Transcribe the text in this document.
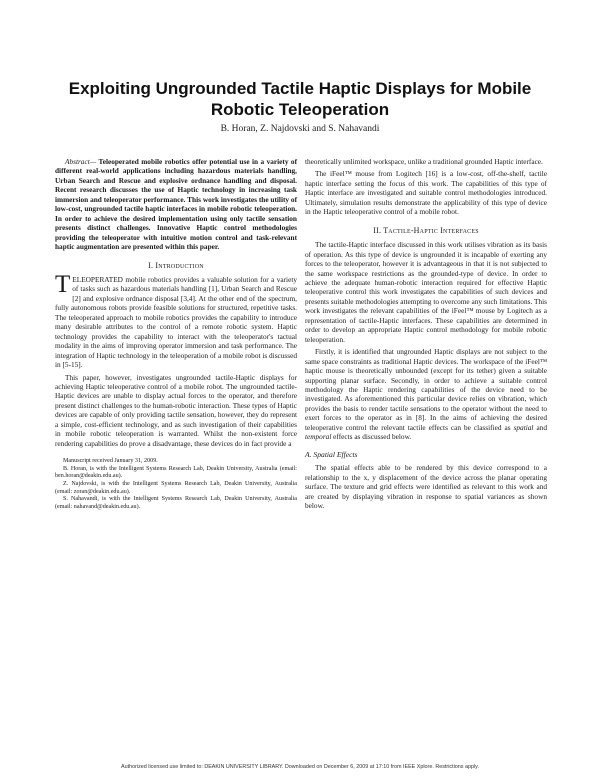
Exploiting Ungrounded Tactile Haptic Displays for Mobile Robotic Teleoperation
B. Horan, Z. Najdovski and S. Nahavandi

Abstract— Teleoperated mobile robotics offer potential use in a variety of different real-world applications including hazardous materials handling, Urban Search and Rescue and explosive ordnance handling and disposal. Recent research discusses the use of Haptic technology in increasing task immersion and teleoperator performance. This work investigates the utility of low-cost, ungrounded tactile haptic interfaces in mobile robotic teleoperation. In order to achieve the desired implementation using only tactile sensation presents distinct challenges. Innovative Haptic control methodologies providing the teleoperator with intuitive motion control and task-relevant haptic augmentation are presented within this paper.

I. Introduction

TELEOPERATED mobile robotics provides a valuable solution for a variety of tasks such as hazardous materials handling [1], Urban Search and Rescue [2] and explosive ordnance disposal [3,4]. At the other end of the spectrum, fully autonomous robots provide feasible solutions for structured, repetitive tasks. The teleoperated approach to mobile robotics provides the capability to introduce many desirable attributes to the control of a remote robotic system. Haptic technology provides the capability to interact with the teleoperator's tactual modality in the aims of improving operator immersion and task performance. The integration of Haptic technology in the teleoperation of a mobile robot is discussed in [5-15].

This paper, however, investigates ungrounded tactile-Haptic displays for achieving Haptic teleoperative control of a mobile robot. The ungrounded tactile-Haptic devices are unable to display actual forces to the operator, and therefore present distinct challenges to the human-robotic interaction. These types of Haptic devices are capable of only providing tactile sensation, however, they do represent a simple, cost-efficient technology, and as such investigation of their capabilities in mobile robotic teleoperation is warranted. Whilst the non-existent force rendering capabilities do prove a disadvantage, these devices do in fact provide a

Manuscript received January 31, 2009.

B. Horan, is with the Intelligent Systems Research Lab, Deakin University, Australia (email: ben.horan@deakin.edu.au).

Z. Najdovski, is with the Intelligent Systems Research Lab, Deakin University, Australia (email: zoran@deakin.edu.au).

S. Nahavandi, is with the Intelligent Systems Research Lab, Deakin University, Australia (email: nahavand@deakin.edu.au).

theoretically unlimited workspace, unlike a traditional grounded Haptic interface.

The iFeel™ mouse from Logitech [16] is a low-cost, off-the-shelf, tactile haptic interface setting the focus of this work. The capabilities of this type of Haptic interface are investigated and suitable control methodologies introduced. Ultimately, simulation results demonstrate the applicability of this type of device in the Haptic teleoperative control of a mobile robot.

II. Tactile-Haptic Interfaces

The tactile-Haptic interface discussed in this work utilises vibration as its basis of operation. As this type of device is ungrounded it is incapable of exerting any forces to the teleoperator, however it is advantageous in that it is not subjected to the same workspace restrictions as the grounded-type of device. In order to achieve the adequate human-robotic interaction required for effective Haptic teleoperative control this work investigates the capabilities of such devices and presents suitable methodologies attempting to overcome any such limitations. This work investigates the relevant capabilities of the iFeel™ mouse by Logitech as a representation of tactile-Haptic interfaces. These capabilities are determined in order to develop an appropriate Haptic control methodology for mobile robotic teleoperation.

Firstly, it is identified that ungrounded Haptic displays are not subject to the same space constraints as traditional Haptic devices. The workspace of the iFeel™ haptic mouse is theoretically unbounded (except for its tether) given a suitable supporting planar surface. Secondly, in order to achieve a suitable control methodology the Haptic rendering capabilities of the device need to be investigated. As aforementioned this particular device relies on vibration, which provides the basis to render tactile sensations to the operator without the need to exert forces to the operator as in [8]. In the aims of achieving the desired teleoperative control the relevant tactile effects can be classified as spatial and temporal effects as discussed below.

A. Spatial Effects

The spatial effects able to be rendered by this device correspond to a relationship to the x, y displacement of the device across the planar operating surface. The texture and grid effects were identified as relevant to this work and are created by displaying vibration in response to spatial variances as shown below.

Authorized licensed use limited to: DEAKIN UNIVERSITY LIBRARY. Downloaded on December 6, 2009 at 17:10 from IEEE Xplore. Restrictions apply.
